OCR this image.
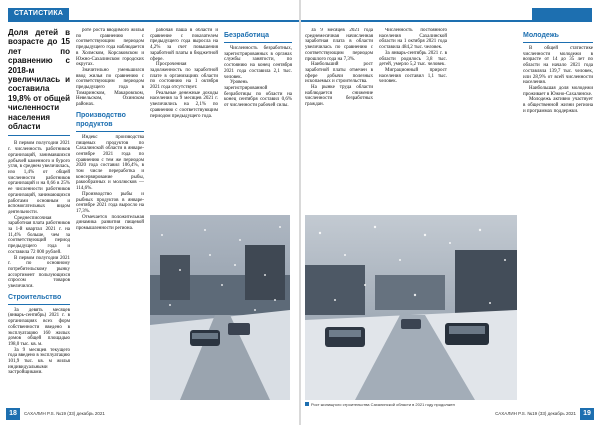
СТАТИСТИКА
Доля детей в возрасте до 15 лет по сравнению с 2018-м увеличилась и составила 19,8% от общей численности населения области

В первом полугодии 2021 г. численность работников организаций, занимавшихся добычей каменного и бурого угля, в среднем увеличилась, изо 1,4% от общей численности работников организаций и на 0,66 в 25% ее численности работников организаций, занимающихся работами основным и вспомогательных видом деятельности.

Среднесписочная заработная плата работников за 1-й квартал 2021 г. на 11,4% больше, чем за соответствующий период предыдущего года и составила 72 000 рублей.

В первом полугодии 2021 г. по основному потребительскому рынку ассортимент пользующихся спросом товаров увеличился.

Строительство

За девять месяцев (январь-сентябрь) 2021 г. в организациях всех форм собственности введено в эксплуатацию 160 жилых домов общей площадью 198,0 тыс. кв. м.

За 9 месяцев текущего года введено в эксплуатацию 101,9 тыс. кв. м жилья индивидуальными застройщиками.

роте роста вводимого жилья по сравнению с соответствующим периодом предыдущего года наблюдается в Холмском, Корсаковском и Южно-Сахалинском городских округах.

Значительно уменьшился ввод жилья по сравнению с соответствующим периодом предыдущего года в Томаринском, Макаровском, Невельском, Охинском районах.

Производство продуктов

Индекс производства пищевых продуктов по Сахалинской области в январе-сентябре 2021 года по сравнению с тем же периодом 2020 года составил 106,4%, в том числе переработка и консервирование рыбы, ракообразных и моллюсков — 114,6%.

Производство рыбы и рыбных продуктов в январе-сентябре 2021 года выросло на 17,3%.

Отмечается положительная динамика развития пищевой промышленности региона.

рабочая паша в области и сравнение с показателем предыдущего года выросла на 4,2% за счет повышения заработной платы в бюджетной сфере.

Просроченная задолженность по заработной плате в организациях области по состоянию на 1 октября 2021 года отсутствует.

Реальные денежные доходы населения за 9 месяцев 2021 г. увеличились на 2,1% по сравнению с соответствующим периодом предыдущего года.

Безработица

Численность безработных, зарегистрированных в органах службы занятости, по состоянию на конец сентября 2021 года составила 2,1 тыс. человек.

Уровень зарегистрированной безработицы по области на конец сентября составил 0,6% от численности рабочей силы.

САХАЛИН P.S. №19 (33) декабрь 2021
18

За 9 месяцев 2021 года среднемесячная начисленная заработная плата в области увеличилась по сравнению с соответствующим периодом прошлого года на 7,3%.

Наибольший рост заработной платы отмечен в сфере добычи полезных ископаемых и строительства.

На рынке труда области наблюдается снижение численности безработных граждан.

Численность постоянного населения Сахалинской области на 1 октября 2021 года составила 484,2 тыс. человек.

За январь-сентябрь 2021 г. в области родилось 3,8 тыс. детей, умерло 5,2 тыс. человек.

Миграционный прирост населения составил 1,1 тыс. человек.

Молодежь

В общей статистике численности молодежи в возрасте от 14 до 35 лет по области на начало 2021 года составляла 139,7 тыс. человек, или 28,9% от всей численности населения.

Наибольшая доля молодежи проживает в Южно-Сахалинске.

Молодежь активно участвует в общественной жизни региона и программах поддержки.

Рост жилищного строительства Сахалинской области в 2021 году продолжен
САХАЛИН P.S. №19 (33) декабрь 2021	19
